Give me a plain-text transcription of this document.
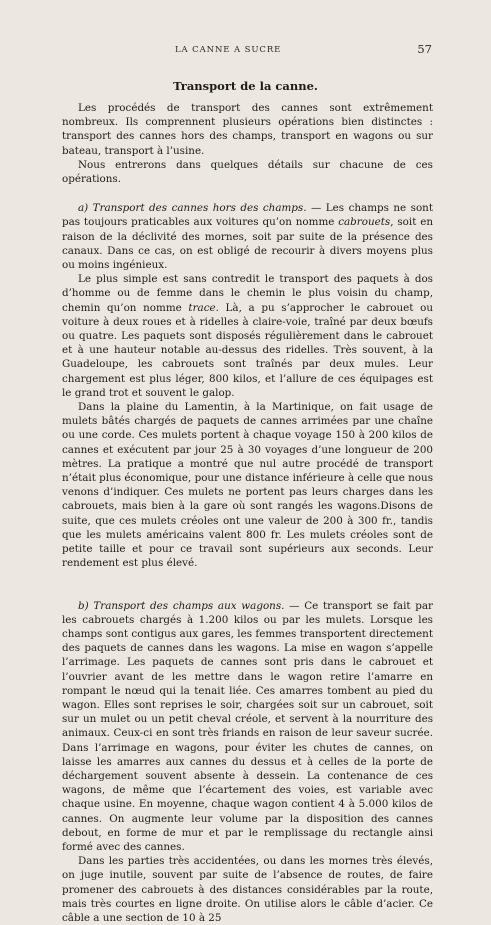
LA CANNE A SUCRE	57
Transport de la canne.

Les procédés de transport des cannes sont extrêmement nombreux. Ils comprennent plusieurs opérations bien distinctes : transport des cannes hors des champs, transport en wagons ou sur bateau, transport à l’usine.

Nous entrerons dans quelques détails sur chacune de ces opérations.

a) Transport des cannes hors des champs. — Les champs ne sont pas toujours praticables aux voitures qu’on nomme cabrouets, soit en raison de la déclivité des mornes, soit par suite de la présence des canaux. Dans ce cas, on est obligé de recourir à divers moyens plus ou moins ingénieux.

Le plus simple est sans contredit le transport des paquets à dos d’homme ou de femme dans le chemin le plus voisin du champ, chemin qu’on nomme trace. Là, a pu s’approcher le cabrouet ou voiture à deux roues et à ridelles à claire-voie, traîné par deux bœufs ou quatre. Les paquets sont disposés régulièrement dans le cabrouet et à une hauteur notable au-dessus des ridelles. Très souvent, à la Guadeloupe, les cabrouets sont traînés par deux mules. Leur chargement est plus léger, 800 kilos, et l’allure de ces équipages est le grand trot et souvent le galop.

Dans la plaine du Lamentin, à la Martinique, on fait usage de mulets bâtés chargés de paquets de cannes arrimées par une chaîne ou une corde. Ces mulets portent à chaque voyage 150 à 200 kilos de cannes et exécutent par jour 25 à 30 voyages d’une longueur de 200 mètres. La pratique a montré que nul autre procédé de transport n’était plus économique, pour une distance inférieure à celle que nous venons d’indiquer. Ces mulets ne portent pas leurs charges dans les cabrouets, mais bien à la gare où sont rangés les wagons.Disons de suite, que ces mulets créoles ont une valeur de 200 à 300 fr., tandis que les mulets américains valent 800 fr. Les mulets créoles sont de petite taille et pour ce travail sont supérieurs aux seconds. Leur rendement est plus élevé.

b) Transport des champs aux wagons. — Ce transport se fait par les cabrouets chargés à 1.200 kilos ou par les mulets. Lorsque les champs sont contigus aux gares, les femmes transportent directement des paquets de cannes dans les wagons. La mise en wagon s’appelle l’arrimage. Les paquets de cannes sont pris dans le cabrouet et l’ouvrier avant de les mettre dans le wagon retire l’amarre en rompant le nœud qui la tenait liée. Ces amarres tombent au pied du wagon. Elles sont reprises le soir, chargées soit sur un cabrouet, soit sur un mulet ou un petit cheval créole, et servent à la nourriture des animaux. Ceux-ci en sont très friands en raison de leur saveur sucrée. Dans l’arrimage en wagons, pour éviter les chutes de cannes, on laisse les amarres aux cannes du dessus et à celles de la porte de déchargement souvent absente à dessein. La contenance de ces wagons, de même que l’écartement des voies, est variable avec chaque usine. En moyenne, chaque wagon contient 4 à 5.000 kilos de cannes. On augmente leur volume par la disposition des cannes debout, en forme de mur et par le remplissage du rectangle ainsi formé avec des cannes.

Dans les parties très accidentées, ou dans les mornes très élevés, on juge inutile, souvent par suite de l’absence de routes, de faire promener des cabrouets à des distances considérables par la route, mais très courtes en ligne droite. On utilise alors le câble d’acier. Ce câble a une section de 10 à 25
